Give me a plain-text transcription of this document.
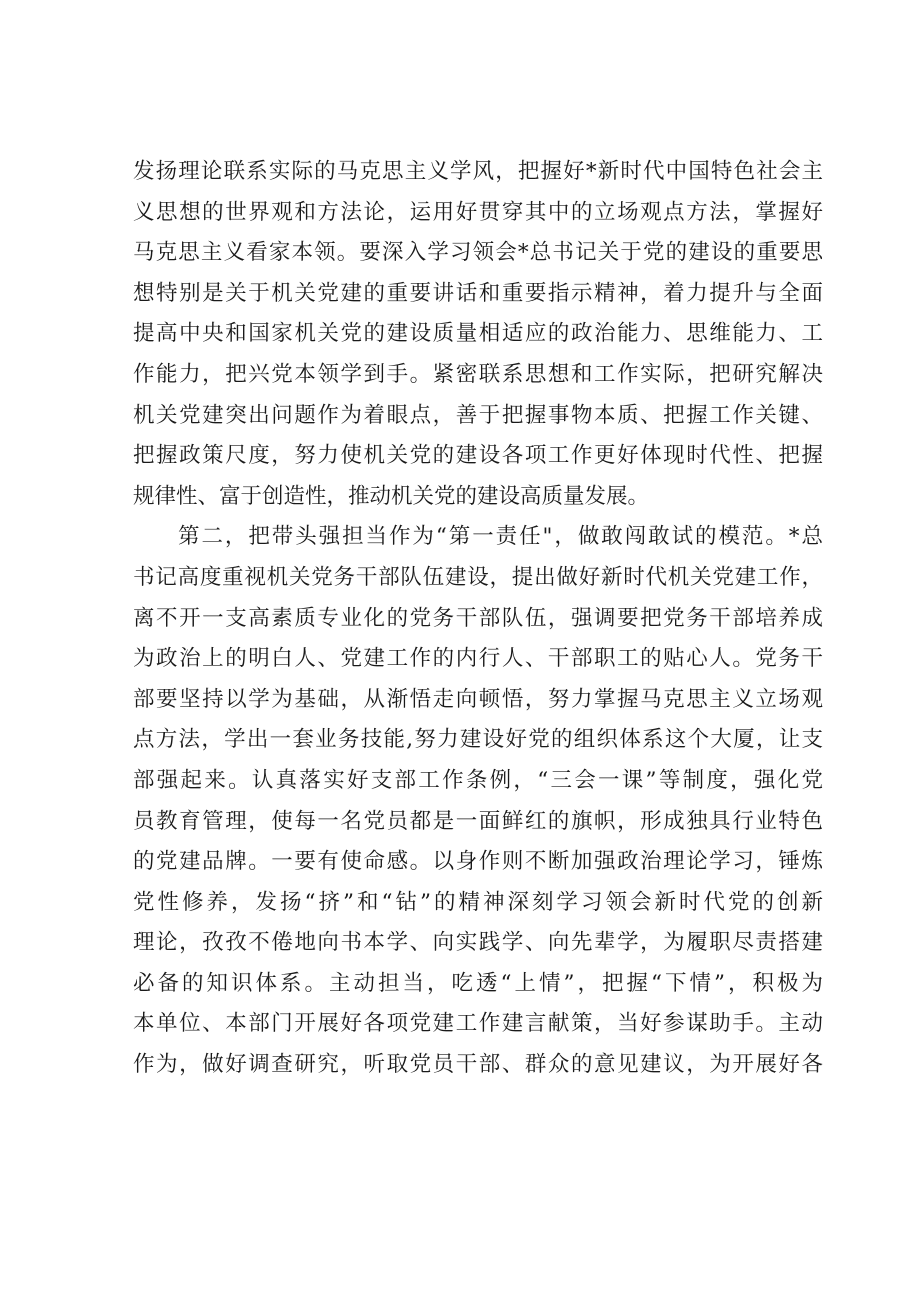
发扬理论联系实际的马克思主义学风，把握好*新时代中国特色社会主
义思想的世界观和方法论，运用好贯穿其中的立场观点方法，掌握好
马克思主义看家本领。要深入学习领会*总书记关于党的建设的重要思
想特别是关于机关党建的重要讲话和重要指示精神，着力提升与全面
提高中央和国家机关党的建设质量相适应的政治能力、思维能力、工
作能力，把兴党本领学到手。紧密联系思想和工作实际，把研究解决
机关党建突出问题作为着眼点，善于把握事物本质、把握工作关键、
把握政策尺度，努力使机关党的建设各项工作更好体现时代性、把握
规律性、富于创造性，推动机关党的建设高质量发展。
第二，把带头强担当作为“第一责任"，做敢闯敢试的模范。*总
书记高度重视机关党务干部队伍建设，提出做好新时代机关党建工作，
离不开一支高素质专业化的党务干部队伍，强调要把党务干部培养成
为政治上的明白人、党建工作的内行人、干部职工的贴心人。党务干
部要坚持以学为基础，从渐悟走向顿悟，努力掌握马克思主义立场观
点方法，学出一套业务技能,努力建设好党的组织体系这个大厦，让支
部强起来。认真落实好支部工作条例，“三会一课”等制度，强化党
员教育管理，使每一名党员都是一面鲜红的旗帜，形成独具行业特色
的党建品牌。一要有使命感。以身作则不断加强政治理论学习，锤炼
党性修养，发扬“挤”和“钻”的精神深刻学习领会新时代党的创新
理论，孜孜不倦地向书本学、向实践学、向先辈学，为履职尽责搭建
必备的知识体系。主动担当，吃透“上情”，把握“下情”，积极为
本单位、本部门开展好各项党建工作建言献策，当好参谋助手。主动
作为，做好调查研究，听取党员干部、群众的意见建议，为开展好各
